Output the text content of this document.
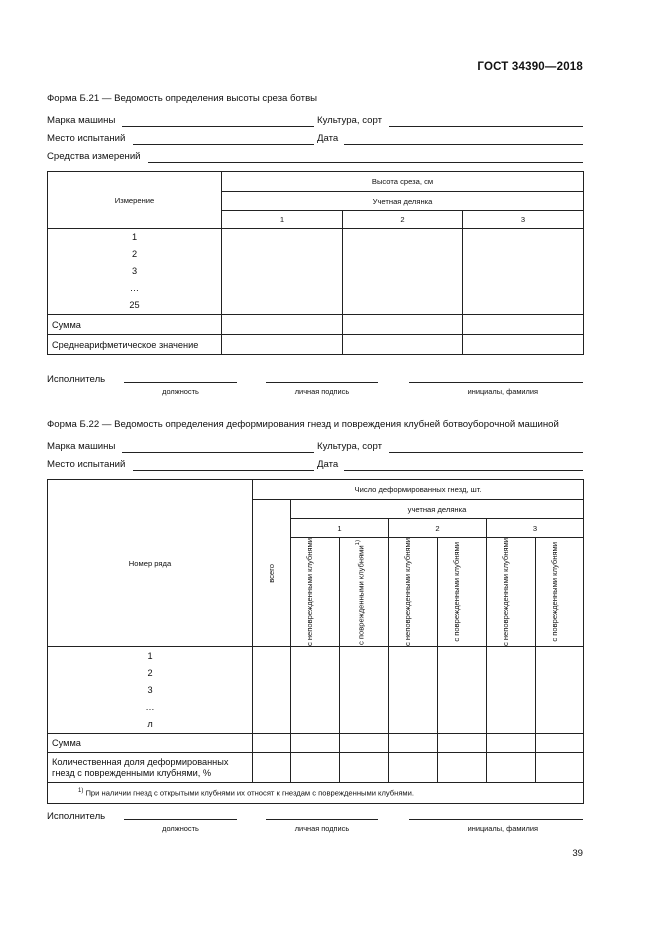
ГОСТ 34390—2018
Форма Б.21 — Ведомость определения высоты среза ботвы
Марка машины	Культура, сорт
Место испытаний	Дата
Средства измерений
Измерение	Высота среза, см		
	Учетная делянка		
	1	2	3

1
2
3
…
25			

Сумма			
Среднеарифметическое значение			
Исполнитель
должность	личная подпись	инициалы, фамилия
Форма Б.22 — Ведомость определения деформирования гнезд и повреждения клубней ботвоуборочной машиной
Марка машины	Культура, сорт
Место испытаний	Дата
Номер ряда	Число деформированных гнезд, шт.						

	всего	учетная делянка					
		1		2		3	

		с неповрежденными клубнями	с поврежденными клубнями$^{1)}$	с неповрежденными клубнями	с поврежденными клубнями	с неповрежденными клубнями	с поврежденными клубнями

1
2
3
…
л							

Сумма							
Количественная доля деформированных гнезд с поврежденными клубнями, %							
$^{1)}$ При наличии гнезд с открытыми клубнями их относят к гнездам с поврежденными клубнями.							
Исполнитель
должность	личная подпись	инициалы, фамилия
39
